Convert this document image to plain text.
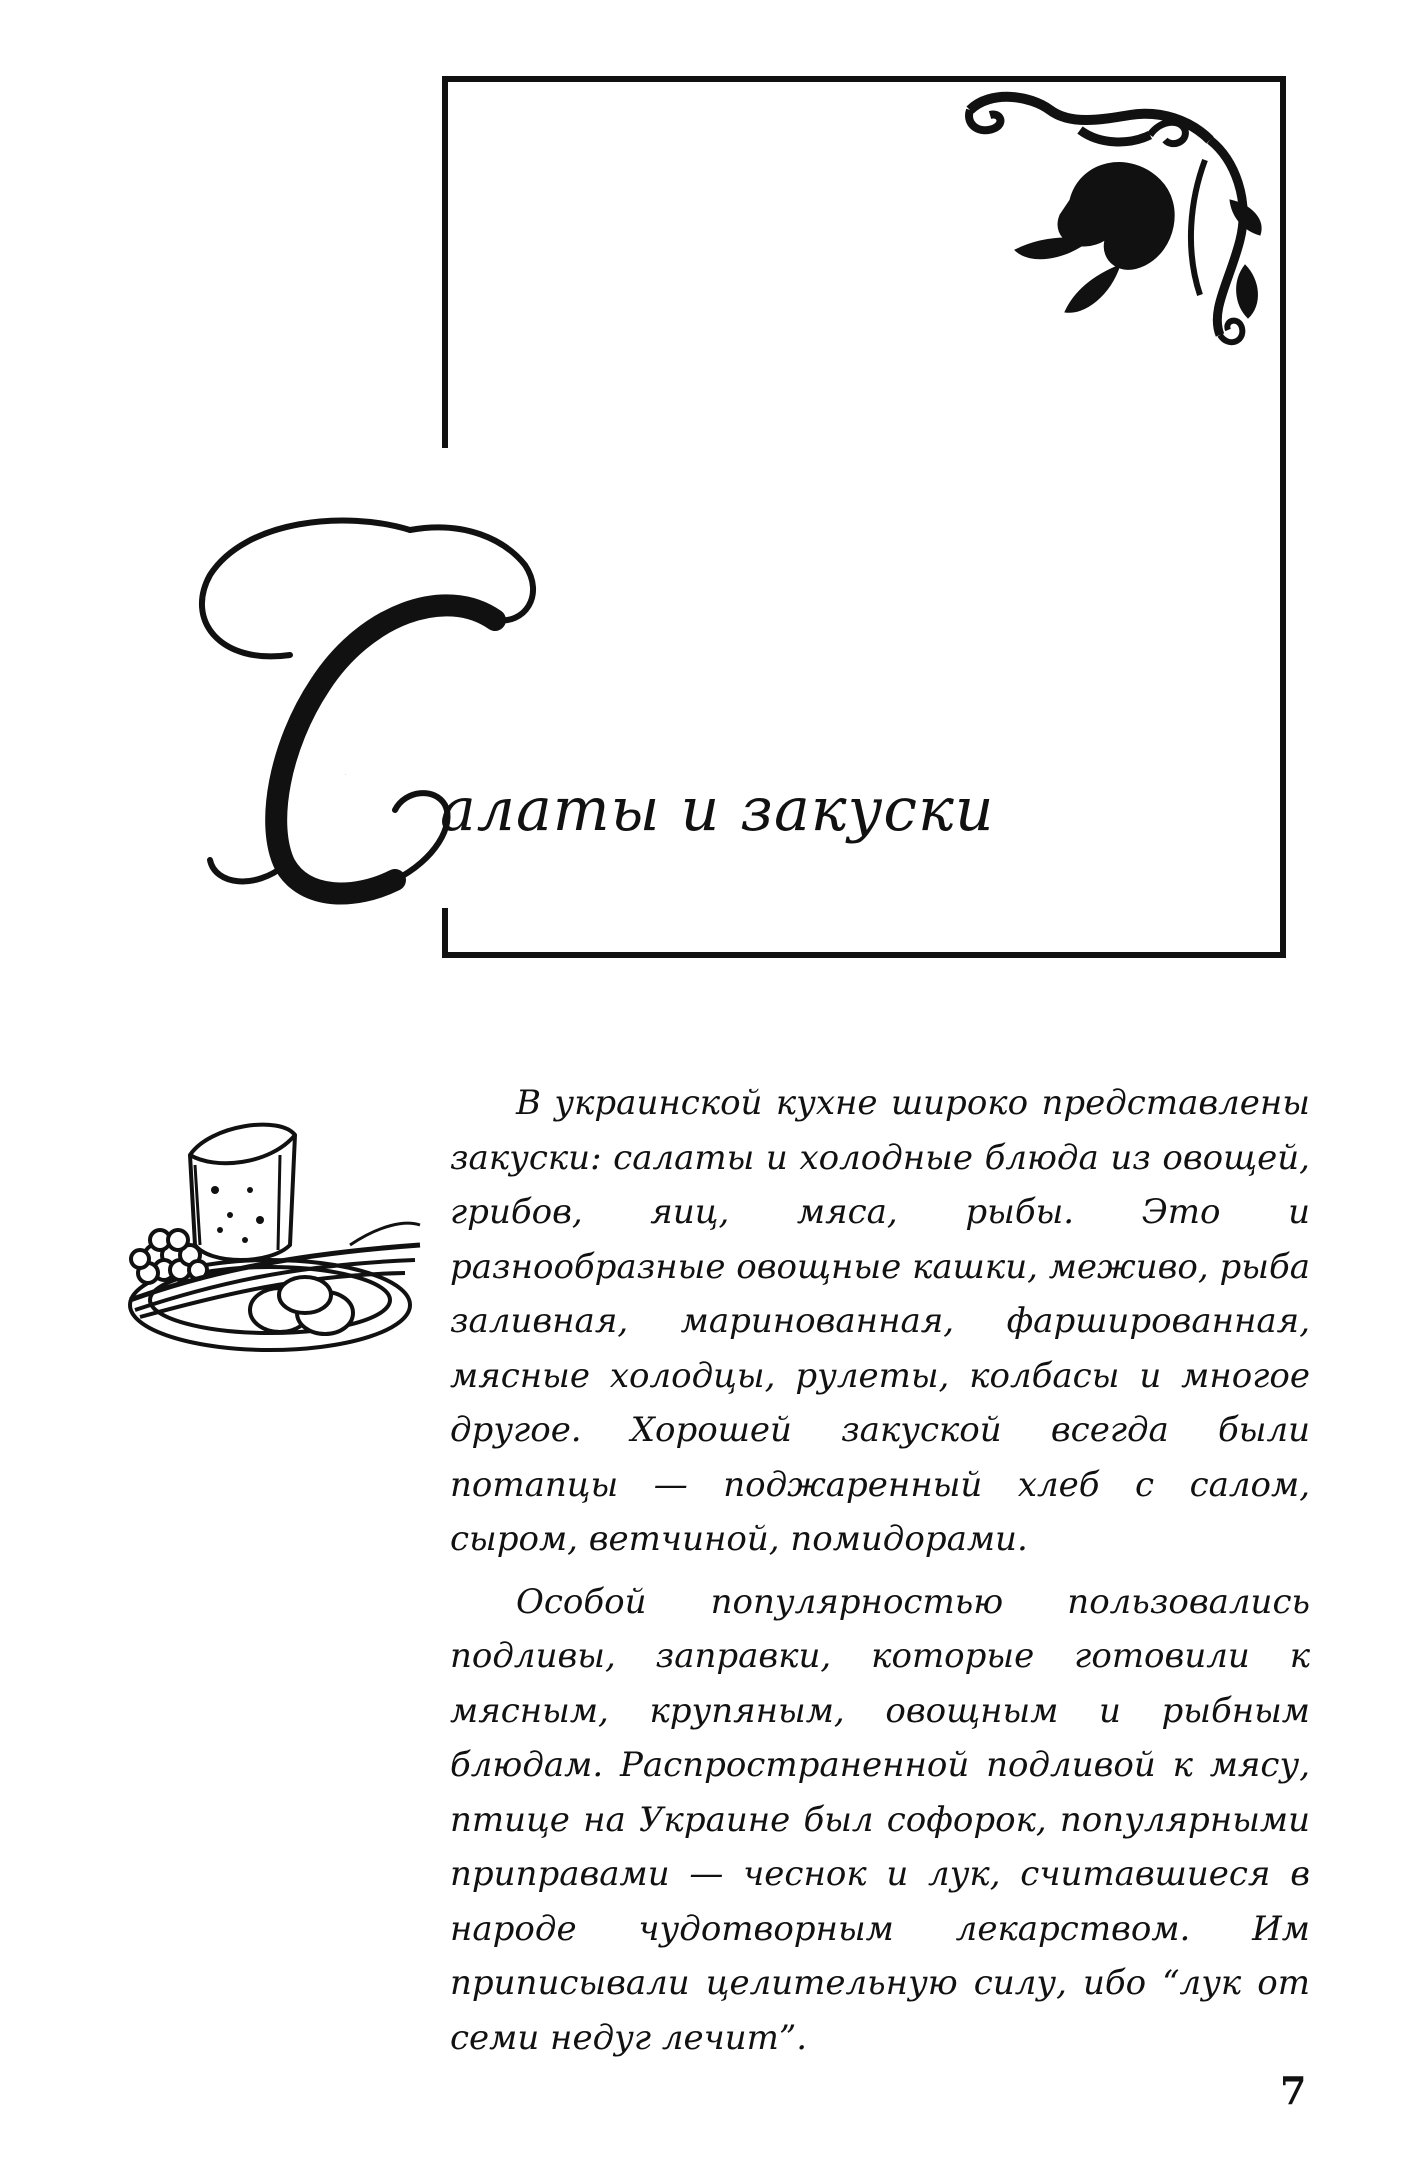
С алаты и закуски

В украинской кухне широко представлены закуски: салаты и холодные блюда из овощей, грибов, яиц, мяса, рыбы. Это и разнообразные овощные кашки, меживо, рыба заливная, маринованная, фаршированная, мясные холодцы, рулеты, колбасы и многое другое. Хорошей закуской всегда были потапцы — поджаренный хлеб с салом, сыром, ветчиной, помидорами.

Особой популярностью пользовались подливы, заправки, которые готовили к мясным, крупяным, овощным и рыбным блюдам. Распространенной подливой к мясу, птице на Украине был софорок, популярными приправами — чеснок и лук, считавшиеся в народе чудотворным лекарством. Им приписывали целительную силу, ибо “лук от семи недуг лечит”.

7
